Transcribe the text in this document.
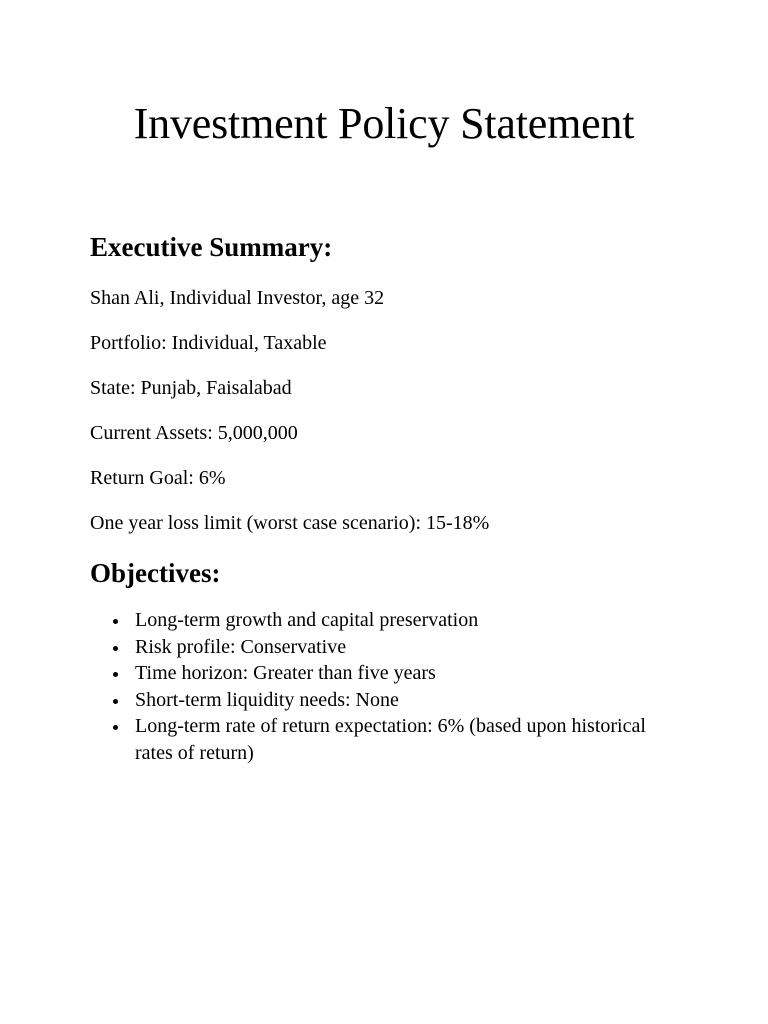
Investment Policy Statement
Executive Summary:

Shan Ali, Individual Investor, age 32

Portfolio: Individual, Taxable

State: Punjab, Faisalabad

Current Assets: 5,000,000

Return Goal: 6%

One year loss limit (worst case scenario): 15-18%

Objectives:
Long-term growth and capital preservation
Risk profile: Conservative
Time horizon: Greater than five years
Short-term liquidity needs: None
Long-term rate of return expectation: 6% (based upon historical rates of return)
